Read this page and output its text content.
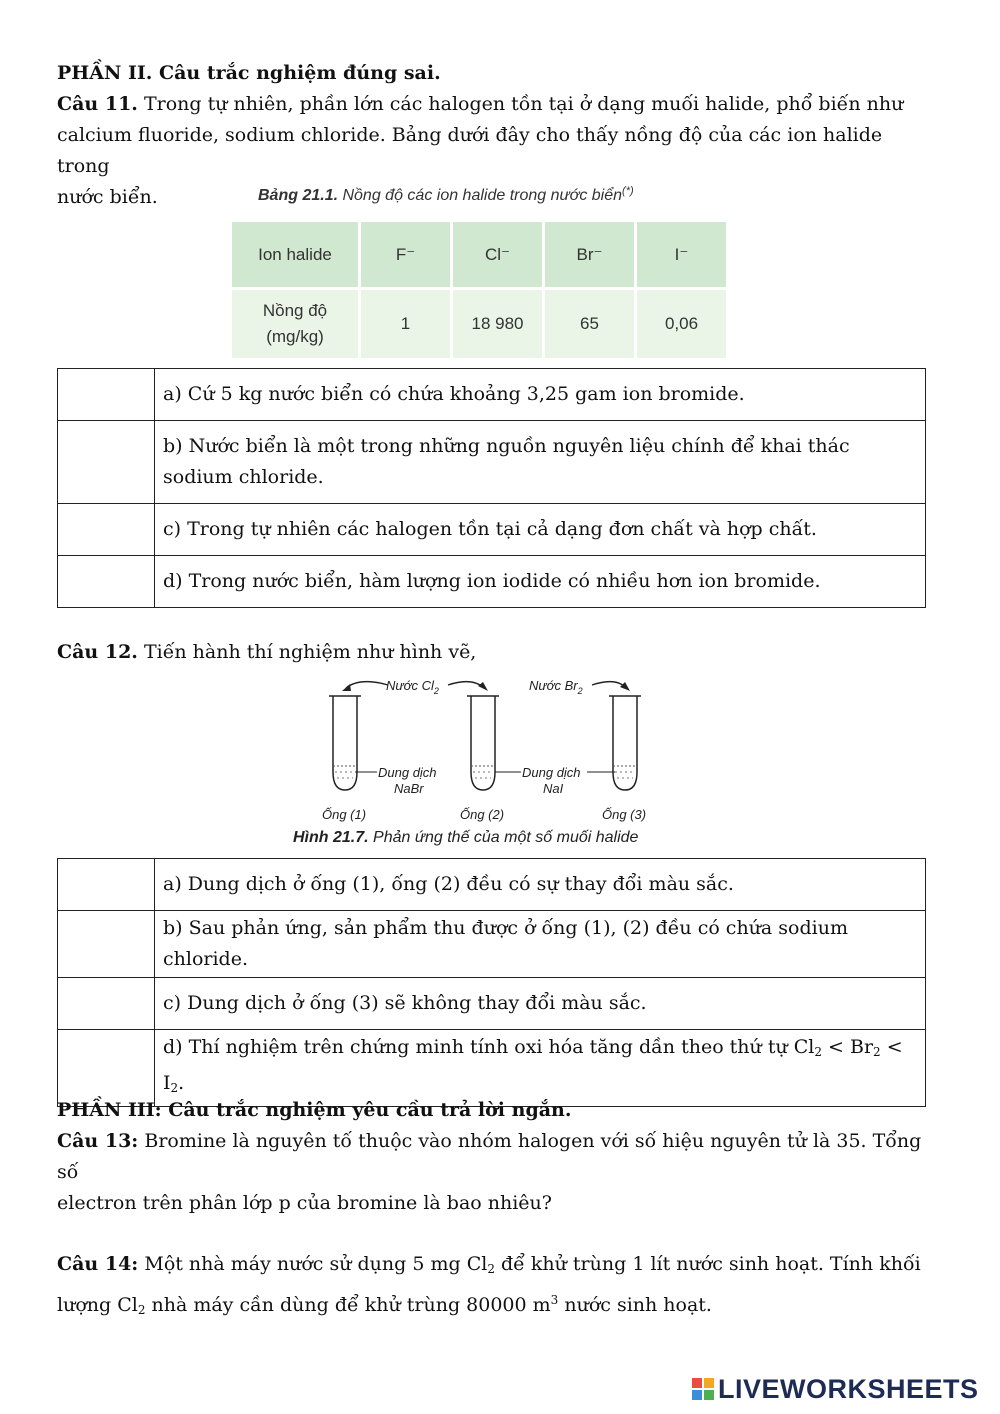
PHẦN II. Câu trắc nghiệm đúng sai.

Câu 11. Trong tự nhiên, phần lớn các halogen tồn tại ở dạng muối halide, phổ biến như

calcium fluoride, sodium chloride. Bảng dưới đây cho thấy nồng độ của các ion halide trong

nước biển.	Bảng 21.1. Nồng độ các ion halide trong nước biển(*)
Ion halide	F⁻	Cl⁻	Br⁻	I⁻

Nồng độ
(mg/kg)	1	18 980	65	0,06
	a) Cứ 5 kg nước biển có chứa khoảng 3,25 gam ion bromide.
	b) Nước biển là một trong những nguồn nguyên liệu chính để khai thác sodium chloride.
	c) Trong tự nhiên các halogen tồn tại cả dạng đơn chất và hợp chất.
	d) Trong nước biển, hàm lượng ion iodide có nhiều hơn ion bromide.

Câu 12. Tiến hành thí nghiệm như hình vẽ,

Nước $Cl_2$	Nước $Br_2$
Dung dịch
NaBr
Dung dịch
NaI
Ống (1)	Ống (2)	Ống (3)
Hình 21.7. Phản ứng thế của một số muối halide
	a) Dung dịch ở ống (1), ống (2) đều có sự thay đổi màu sắc.
	b) Sau phản ứng, sản phẩm thu được ở ống (1), (2) đều có chứa sodium chloride.
	c) Dung dịch ở ống (3) sẽ không thay đổi màu sắc.
	d) Thí nghiệm trên chứng minh tính oxi hóa tăng dần theo thứ tự $Cl_2 < Br_2 < I_2$.

PHẦN III: Câu trắc nghiệm yêu cầu trả lời ngắn.

Câu 13: Bromine là nguyên tố thuộc vào nhóm halogen với số hiệu nguyên tử là 35. Tổng số

electron trên phân lớp p của bromine là bao nhiêu?

Câu 14: Một nhà máy nước sử dụng 5 mg $Cl_2$ để khử trùng 1 lít nước sinh hoạt. Tính khối

lượng $Cl_2$ nhà máy cần dùng để khử trùng 80000 $m^3$ nước sinh hoạt.

LIVEWORKSHEETS
